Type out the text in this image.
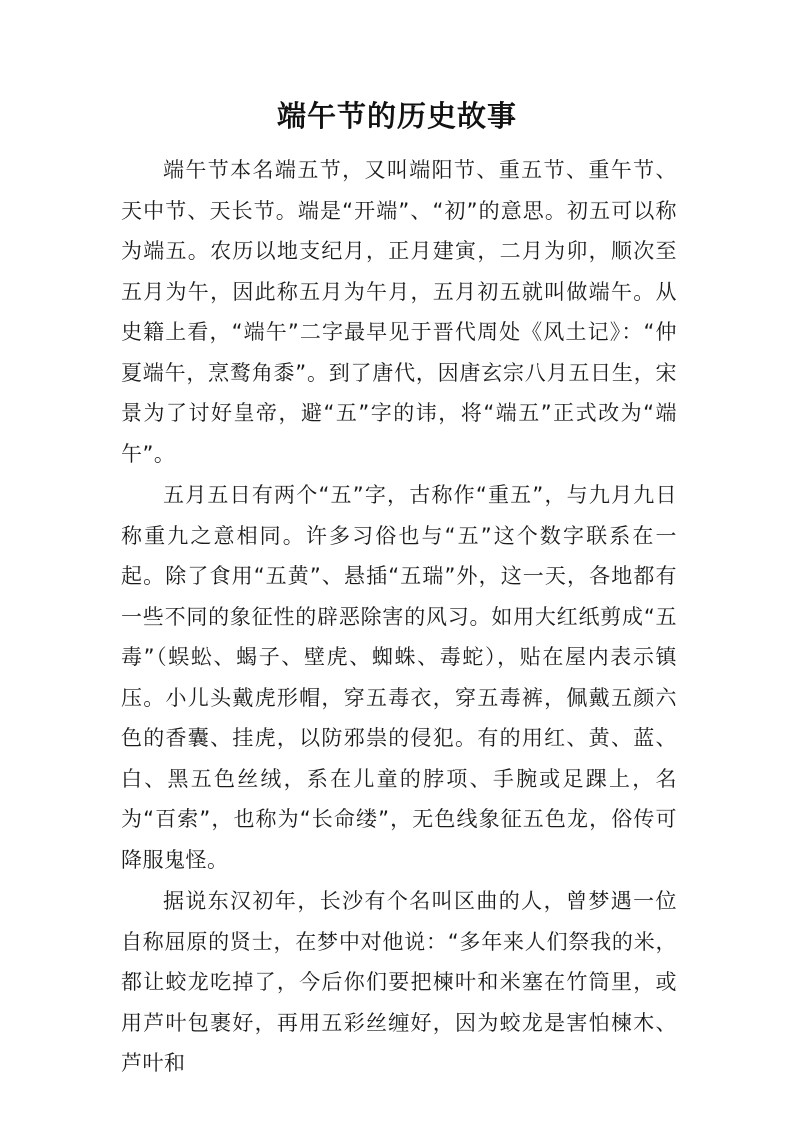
端午节的历史故事

端午节本名端五节，又叫端阳节、重五节、重午节、天中节、天长节。端是“开端”、“初”的意思。初五可以称为端五。农历以地支纪月，正月建寅，二月为卯，顺次至五月为午，因此称五月为午月，五月初五就叫做端午。从史籍上看，“端午”二字最早见于晋代周处《风土记》：“仲夏端午，烹鹜角黍”。到了唐代，因唐玄宗八月五日生，宋景为了讨好皇帝，避“五”字的讳，将“端五”正式改为“端午”。

五月五日有两个“五”字，古称作“重五”，与九月九日称重九之意相同。许多习俗也与“五”这个数字联系在一起。除了食用“五黄”、悬插“五瑞”外，这一天，各地都有一些不同的象征性的辟恶除害的风习。如用大红纸剪成“五毒”（蜈蚣、蝎子、壁虎、蜘蛛、毒蛇），贴在屋内表示镇压。小儿头戴虎形帽，穿五毒衣，穿五毒裤，佩戴五颜六色的香囊、挂虎，以防邪祟的侵犯。有的用红、黄、蓝、白、黑五色丝绒，系在儿童的脖项、手腕或足踝上，名为“百索”，也称为“长命缕”，无色线象征五色龙，俗传可降服鬼怪。

据说东汉初年，长沙有个名叫区曲的人，曾梦遇一位自称屈原的贤士，在梦中对他说：“多年来人们祭我的米，都让蛟龙吃掉了，今后你们要把楝叶和米塞在竹筒里，或用芦叶包裹好，再用五彩丝缠好，因为蛟龙是害怕楝木、芦叶和
